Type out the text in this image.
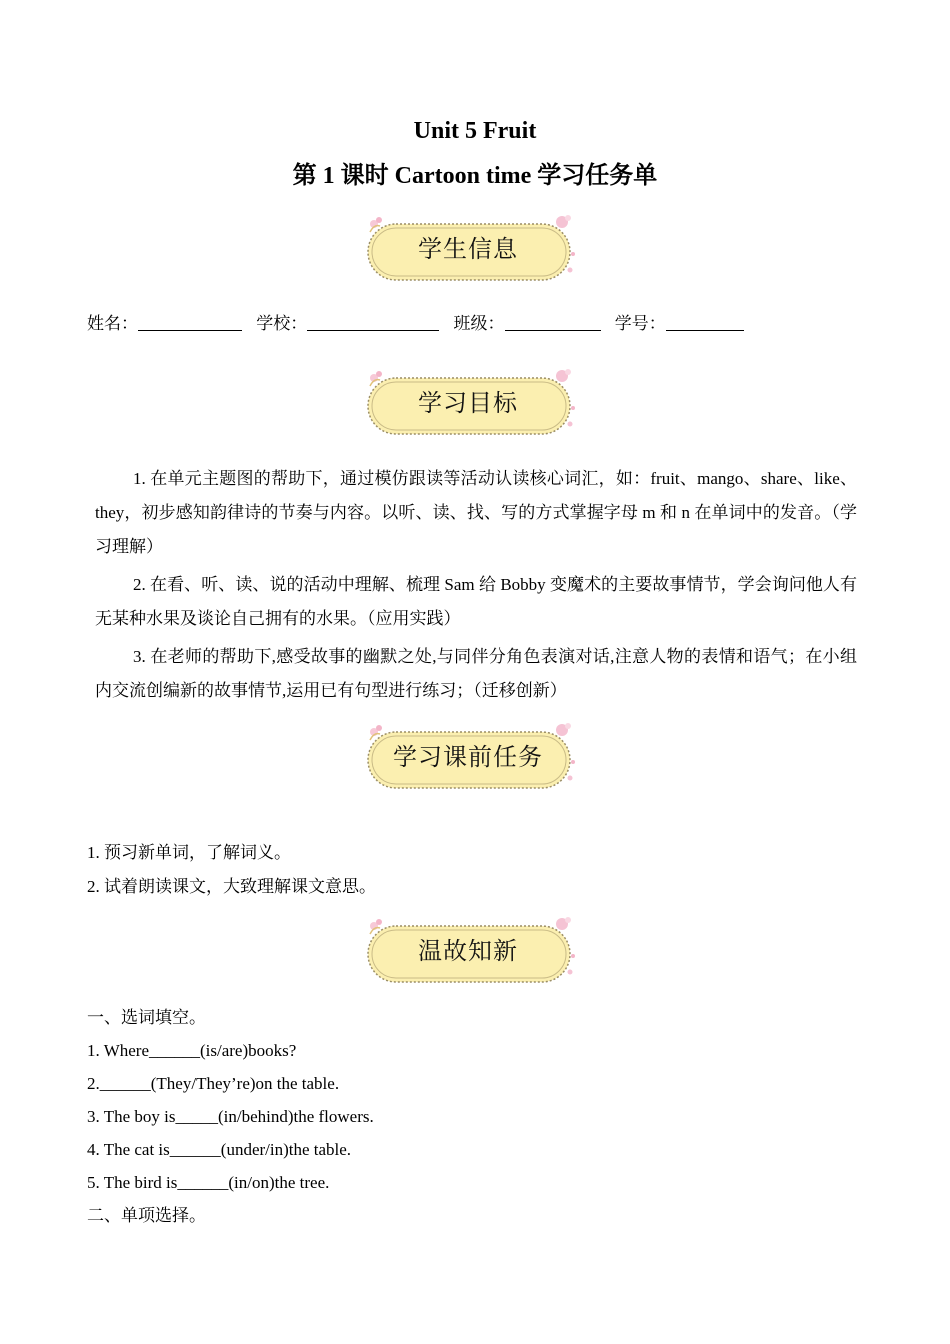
Unit 5 Fruit
第 1 课时 Cartoon time 学习任务单
学生信息
姓名：	学校：	班级：	学号：
学习目标
1. 在单元主题图的帮助下，通过模仿跟读等活动认读核心词汇，如：fruit、mango、share、like、they，初步感知韵律诗的节奏与内容。以听、读、找、写的方式掌握字母 m 和 n 在单词中的发音。（学习理解）
2. 在看、听、读、说的活动中理解、梳理 Sam 给 Bobby 变魔术的主要故事情节，学会询问他人有无某种水果及谈论自己拥有的水果。（应用实践）
3. 在老师的帮助下,感受故事的幽默之处,与同伴分角色表演对话,注意人物的表情和语气；在小组内交流创编新的故事情节,运用已有句型进行练习；（迁移创新）
学习课前任务
1. 预习新单词，了解词义。
2. 试着朗读课文，大致理解课文意思。
温故知新
一、选词填空。
1. Where______(is/are)books?
2.______(They/They’re)on the table.
3. The boy is_____(in/behind)the flowers.
4. The cat is______(under/in)the table.
5. The bird is______(in/on)the tree.
二、单项选择。
